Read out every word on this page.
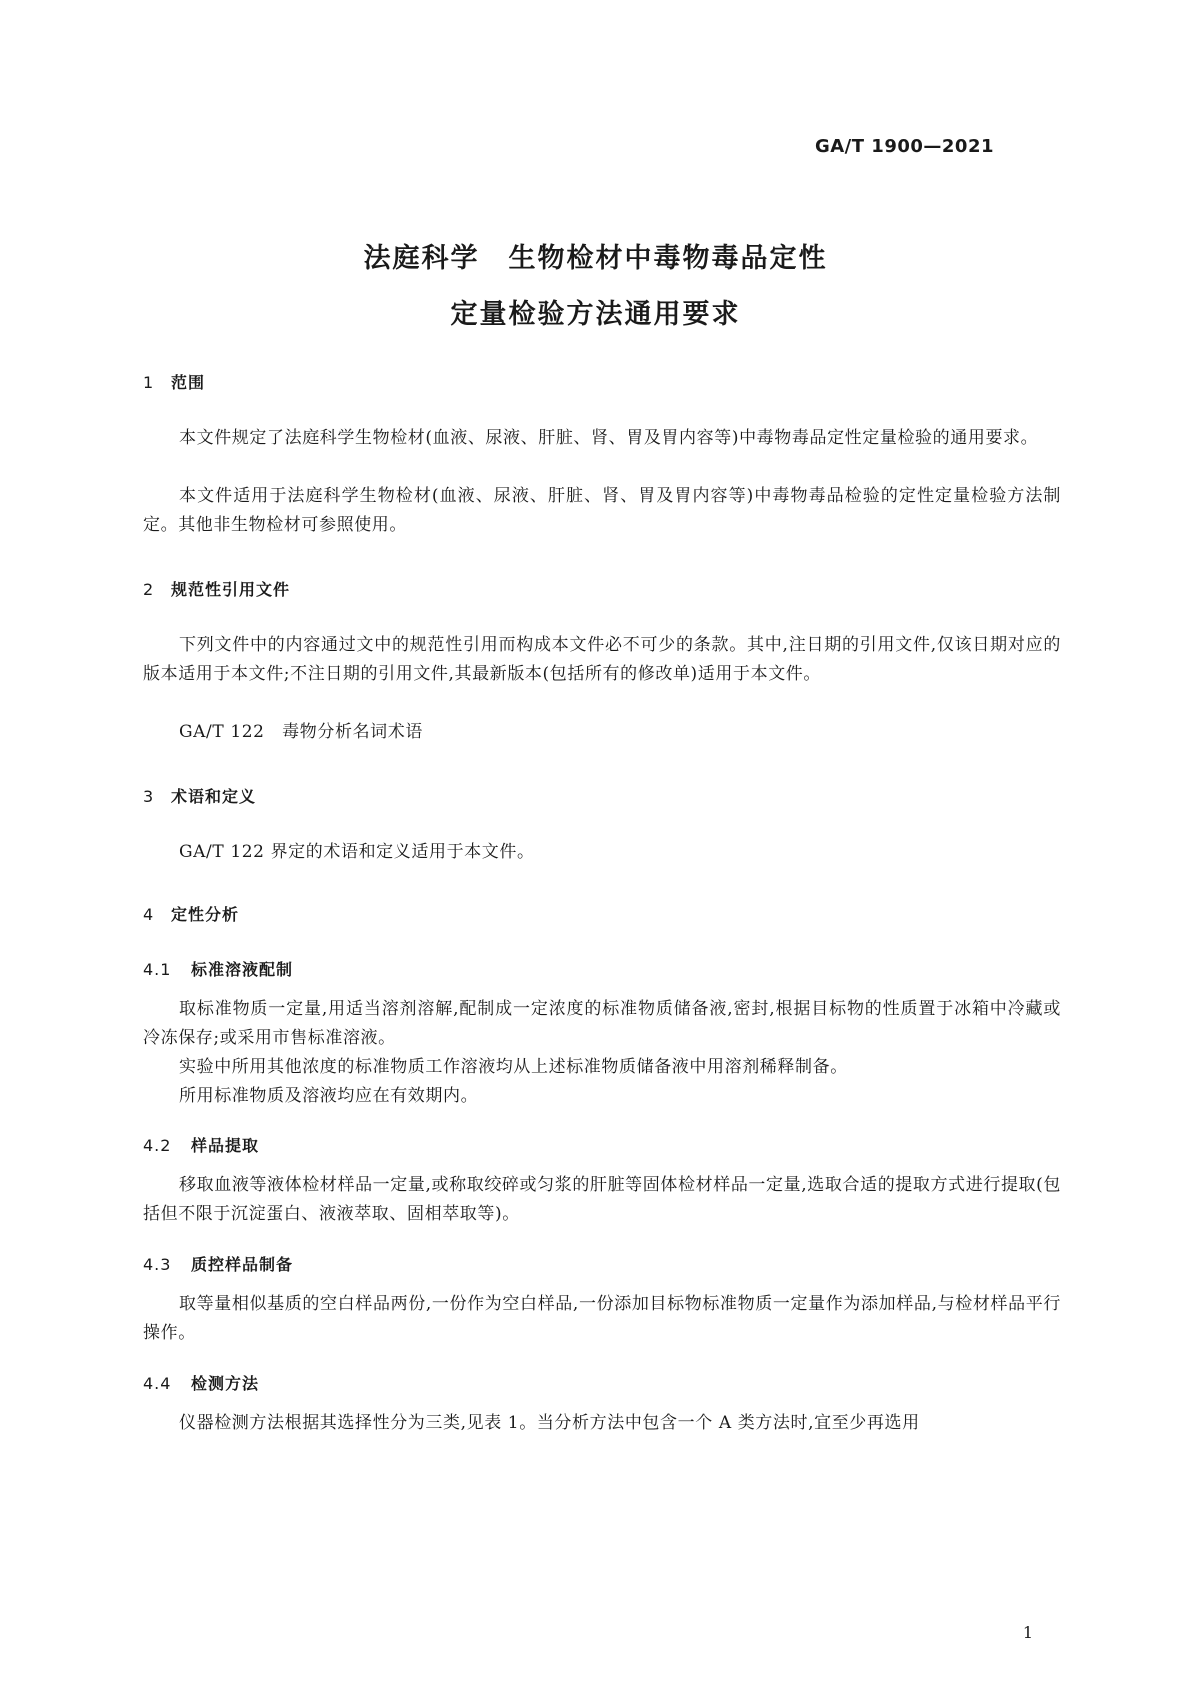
GA/T 1900—2021
法庭科学　生物检材中毒物毒品定性
定量检验方法通用要求
1 范围
本文件规定了法庭科学生物检材(血液、尿液、肝脏、肾、胃及胃内容等)中毒物毒品定性定量检验的通用要求。
本文件适用于法庭科学生物检材(血液、尿液、肝脏、肾、胃及胃内容等)中毒物毒品检验的定性定量检验方法制定。其他非生物检材可参照使用。
2 规范性引用文件
下列文件中的内容通过文中的规范性引用而构成本文件必不可少的条款。其中,注日期的引用文件,仅该日期对应的版本适用于本文件;不注日期的引用文件,其最新版本(包括所有的修改单)适用于本文件。
GA/T 122　毒物分析名词术语
3 术语和定义
GA/T 122 界定的术语和定义适用于本文件。
4 定性分析
4.1 标准溶液配制
取标准物质一定量,用适当溶剂溶解,配制成一定浓度的标准物质储备液,密封,根据目标物的性质置于冰箱中冷藏或冷冻保存;或采用市售标准溶液。
实验中所用其他浓度的标准物质工作溶液均从上述标准物质储备液中用溶剂稀释制备。
所用标准物质及溶液均应在有效期内。
4.2 样品提取
移取血液等液体检材样品一定量,或称取绞碎或匀浆的肝脏等固体检材样品一定量,选取合适的提取方式进行提取(包括但不限于沉淀蛋白、液液萃取、固相萃取等)。
4.3 质控样品制备
取等量相似基质的空白样品两份,一份作为空白样品,一份添加目标物标准物质一定量作为添加样品,与检材样品平行操作。
4.4 检测方法
仪器检测方法根据其选择性分为三类,见表 1。当分析方法中包含一个 A 类方法时,宜至少再选用
1
